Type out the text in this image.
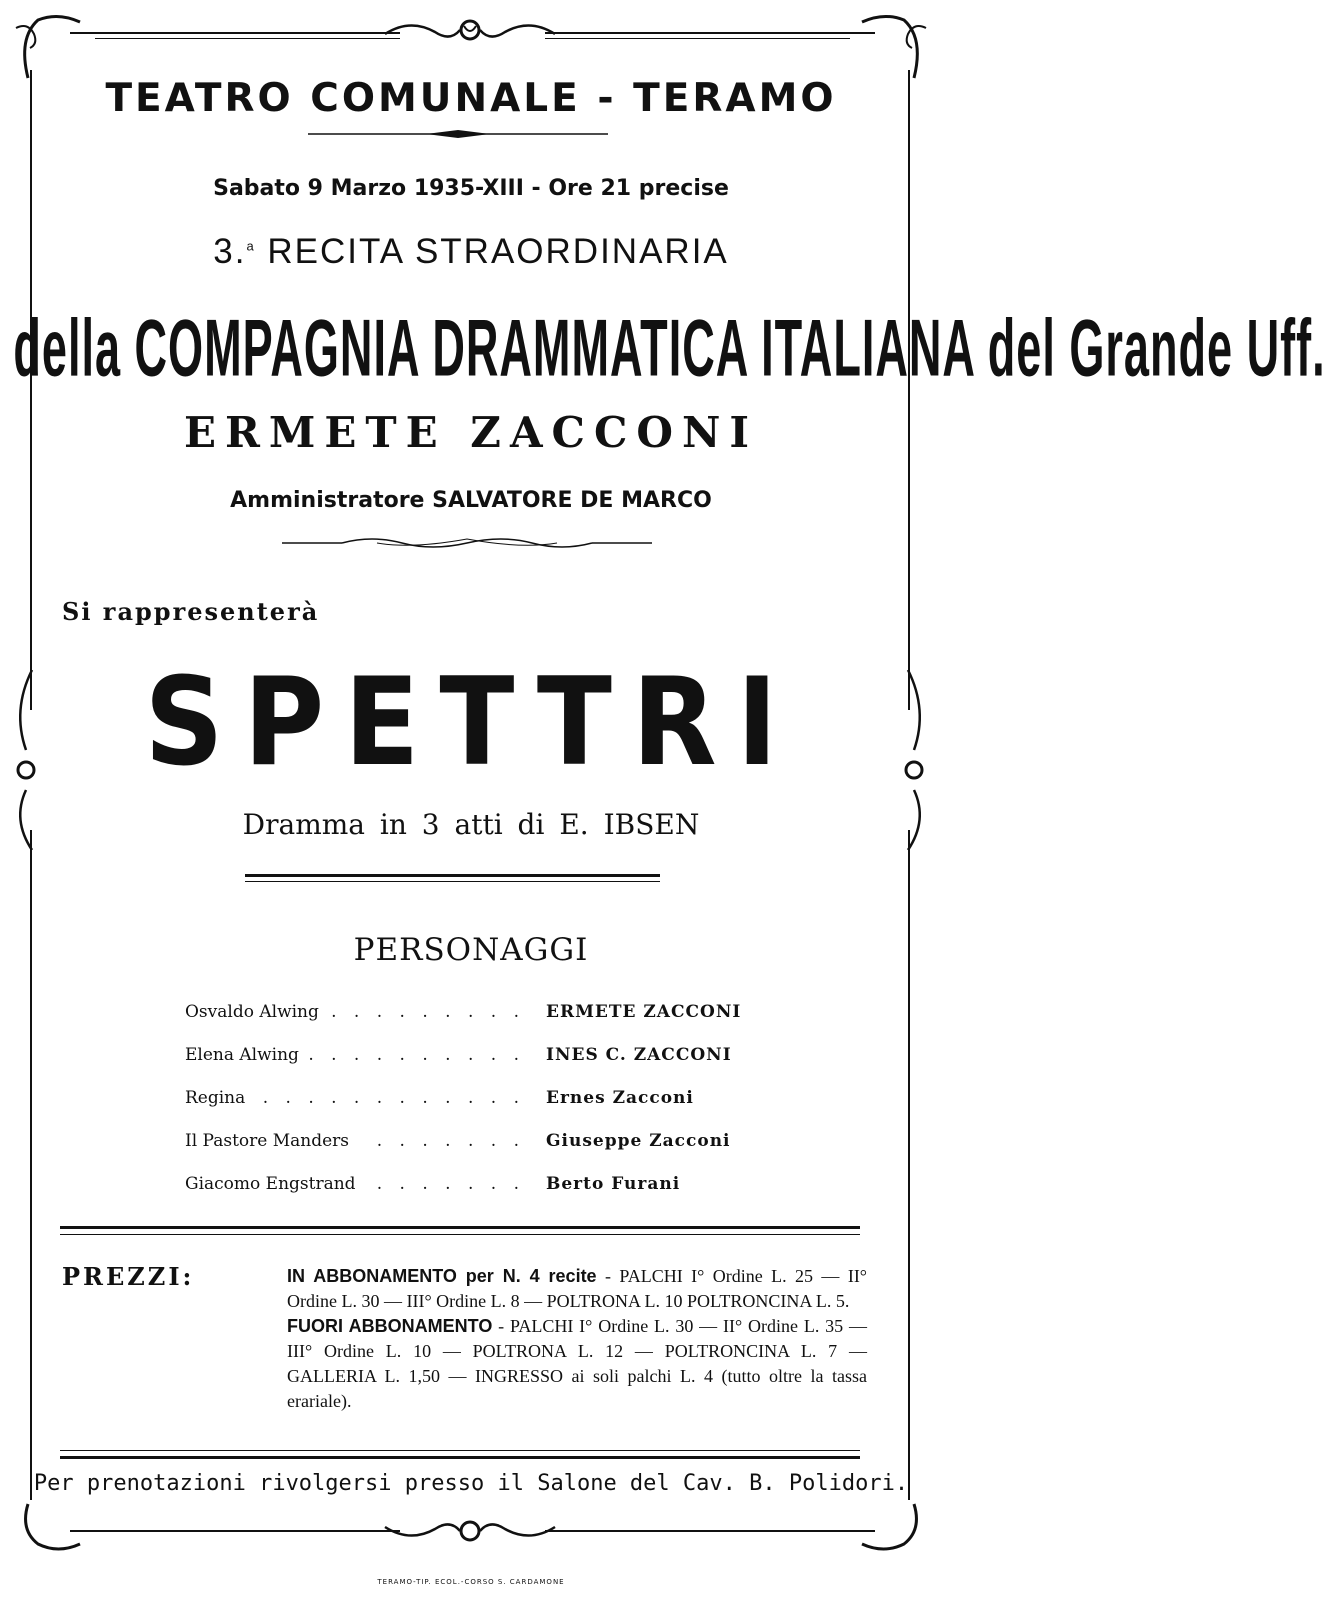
TEATRO COMUNALE - TERAMO
Sabato 9 Marzo 1935-XIII - Ore 21 precise
3.$^a$ RECITA STRAORDINARIA
della COMPAGNIA DRAMMATICA ITALIANA del Grande Uff.
ERMETE ZACCONI
Amministratore SALVATORE DE MARCO
Si rappresenterà
SPETTRI
Dramma in 3 atti di E. IBSEN
PERSONAGGI
Osvaldo Alwing . . . . . . . . . ERMETE ZACCONI
Elena Alwing . . . . . . . . . . INES C. ZACCONI
Regina	. . . . . . . . . . . . Ernes Zacconi
Il Pastore Manders	. . . . . . . Giuseppe Zacconi
Giacomo Engstrand	. . . . . . . Berto Furani
PREZZI:	IN ABBONAMENTO per N. 4 recite - PALCHI I° Ordine L. 25 — II° Ordine L. 30 — III° Ordine L. 8 — POLTRONA L. 10 POLTRONCINA L. 5.
FUORI ABBONAMENTO - PALCHI I° Ordine L. 30 — II° Ordine L. 35 — III° Ordine L. 10 — POLTRONA L. 12 — POLTRONCINA L. 7 — GALLERIA L. 1,50 — INGRESSO ai soli palchi L. 4 (tutto oltre la tassa erariale).
Per prenotazioni rivolgersi presso il Salone del Cav. B. Polidori.
TERAMO-TIP. ECOL.-CORSO S. CARDAMONE
